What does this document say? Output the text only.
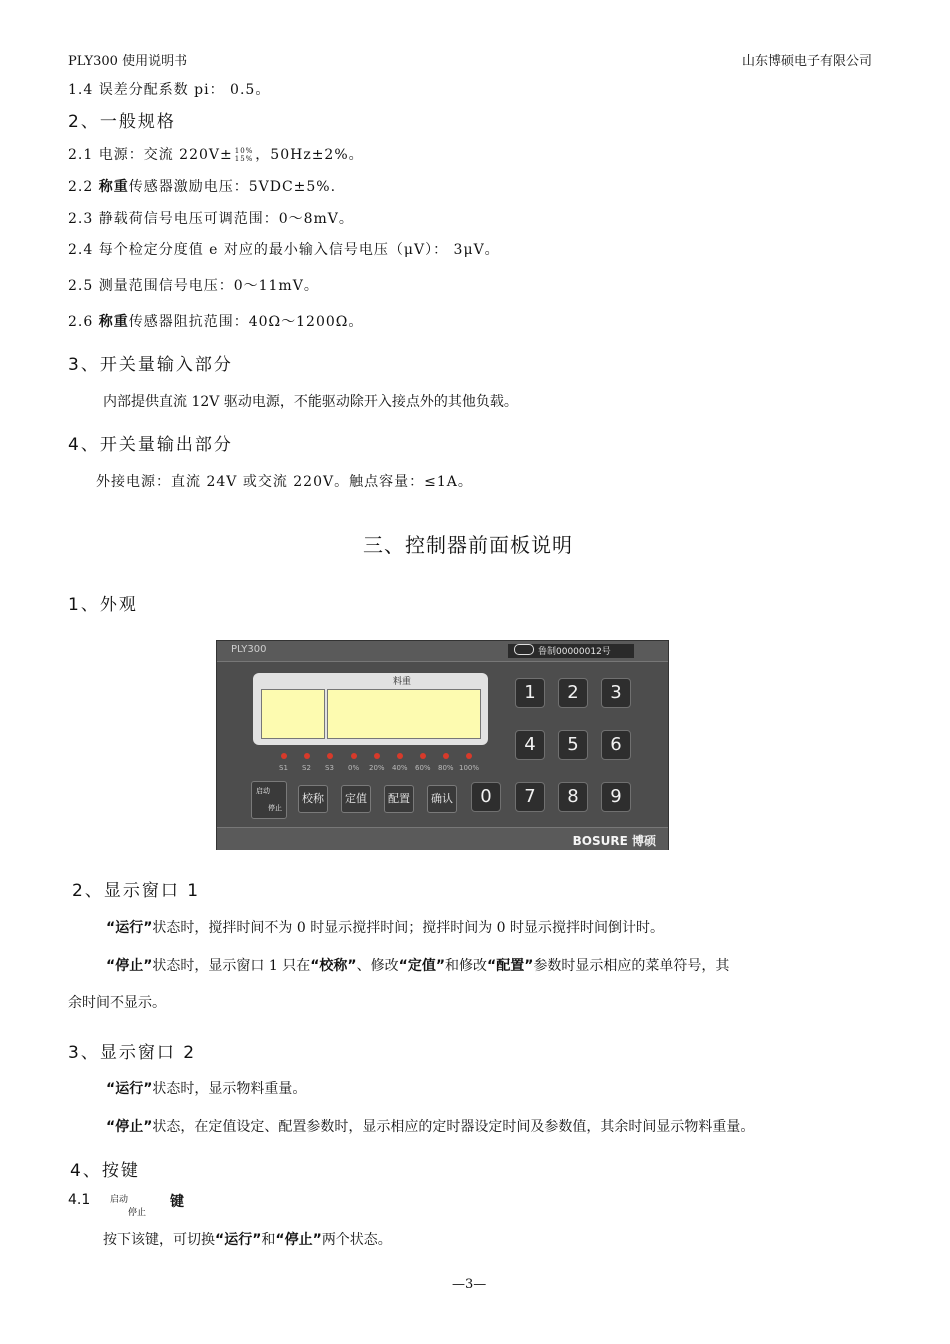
PLY300 使用说明书	山东博硕电子有限公司
1.4 误差分配系数 pi： 0.5。
2、一般规格
2.1 电源：交流 220V± 10%
15% ，50Hz±2%。
2.2 称重传感器激励电压：5VDC±5%.
2.3 静载荷信号电压可调范围：0～8mV。
2.4 每个检定分度值 e 对应的最小输入信号电压（μV）： 3μV。
2.5 测量范围信号电压：0～11mV。
2.6 称重传感器阻抗范围：40Ω～1200Ω。
3、开关量输入部分
内部提供直流 12V 驱动电源，不能驱动除开入接点外的其他负载。
4、开关量输出部分
外接电源：直流 24V 或交流 220V。触点容量：≤1A。
三、控制器前面板说明
1、外观
PLY300	鲁制00000012号
料重
S1 S2 S3 0% 20% 40% 60% 80% 100%
启动
停止
校称	定值	配置	确认
1	2	3
4	5	6
0	7	8	9
BOSURE 博硕
2、显示窗口 1
“运行”状态时，搅拌时间不为 0 时显示搅拌时间；搅拌时间为 0 时显示搅拌时间倒计时。
“停止”状态时，显示窗口 1 只在“校称”、修改“定值”和修改“配置”参数时显示相应的菜单符号，其
余时间不显示。
3、显示窗口 2
“运行”状态时，显示物料重量。
“停止”状态，在定值设定、配置参数时，显示相应的定时器设定时间及参数值，其余时间显示物料重量。
4、按键
4.1 启动
停止
键
按下该键，可切换“运行”和“停止”两个状态。
—3—
